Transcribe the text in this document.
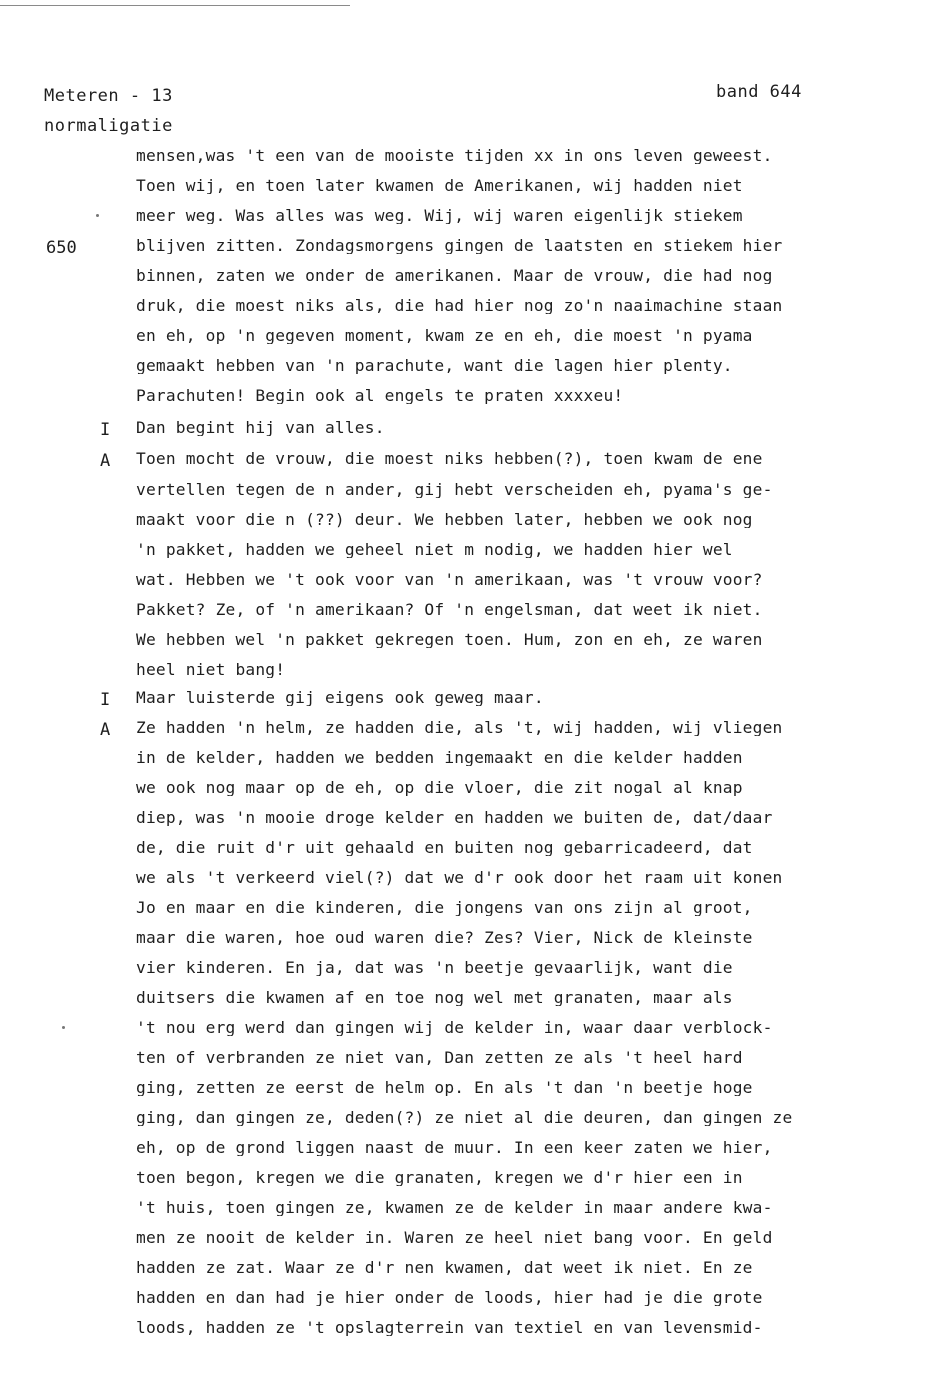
Meteren - 13
normaligatie
band 644
650
I
A
I
A
mensen,was 't een van de mooiste tijden xx in ons leven geweest.
Toen wij, en toen later kwamen de Amerikanen, wij hadden niet
meer weg. Was alles was weg. Wij, wij waren eigenlijk stiekem
blijven zitten. Zondagsmorgens gingen de laatsten en stiekem hier
binnen, zaten we onder de amerikanen. Maar de vrouw, die had nog
druk, die moest niks als, die had hier nog zo'n naaimachine staan
en eh, op 'n gegeven moment, kwam ze en eh, die moest 'n pyama
gemaakt hebben van 'n parachute, want die lagen hier plenty.
Parachuten! Begin ook al engels te praten xxxxeu!
Dan begint hij van alles.
Toen mocht de vrouw, die moest niks hebben(?), toen kwam de ene
vertellen tegen de n ander, gij hebt verscheiden eh, pyama's ge-
maakt voor die n (??) deur. We hebben later, hebben we ook nog
'n pakket, hadden we geheel niet m nodig, we hadden hier wel
wat. Hebben we 't ook voor van 'n amerikaan, was 't vrouw voor?
Pakket? Ze, of 'n amerikaan? Of 'n engelsman, dat weet ik niet.
We hebben wel 'n pakket gekregen toen. Hum, zon en eh, ze waren
heel niet bang!
Maar luisterde gij eigens ook geweg maar.
Ze hadden 'n helm, ze hadden die, als 't, wij hadden, wij vliegen
in de kelder, hadden we bedden ingemaakt en die kelder hadden
we ook nog maar op de eh, op die vloer, die zit nogal al knap
diep, was 'n mooie droge kelder en hadden we buiten de, dat/daar
de, die ruit d'r uit gehaald en buiten nog gebarricadeerd, dat
we als 't verkeerd viel(?) dat we d'r ook door het raam uit konen
Jo en maar en die kinderen, die jongens van ons zijn al groot,
maar die waren, hoe oud waren die? Zes? Vier, Nick de kleinste
vier kinderen. En ja, dat was 'n beetje gevaarlijk, want die
duitsers die kwamen af en toe nog wel met granaten, maar als
't nou erg werd dan gingen wij de kelder in, waar daar verblock-
ten of verbranden ze niet van, Dan zetten ze als 't heel hard
ging, zetten ze eerst de helm op. En als 't dan 'n beetje hoge
ging, dan gingen ze, deden(?) ze niet al die deuren, dan gingen ze
eh, op de grond liggen naast de muur. In een keer zaten we hier,
toen begon, kregen we die granaten, kregen we d'r hier een in
't huis, toen gingen ze, kwamen ze de kelder in maar andere kwa-
men ze nooit de kelder in. Waren ze heel niet bang voor. En geld
hadden ze zat. Waar ze d'r nen kwamen, dat weet ik niet. En ze
hadden en dan had je hier onder de loods, hier had je die grote
loods, hadden ze 't opslagterrein van textiel en van levensmid-
